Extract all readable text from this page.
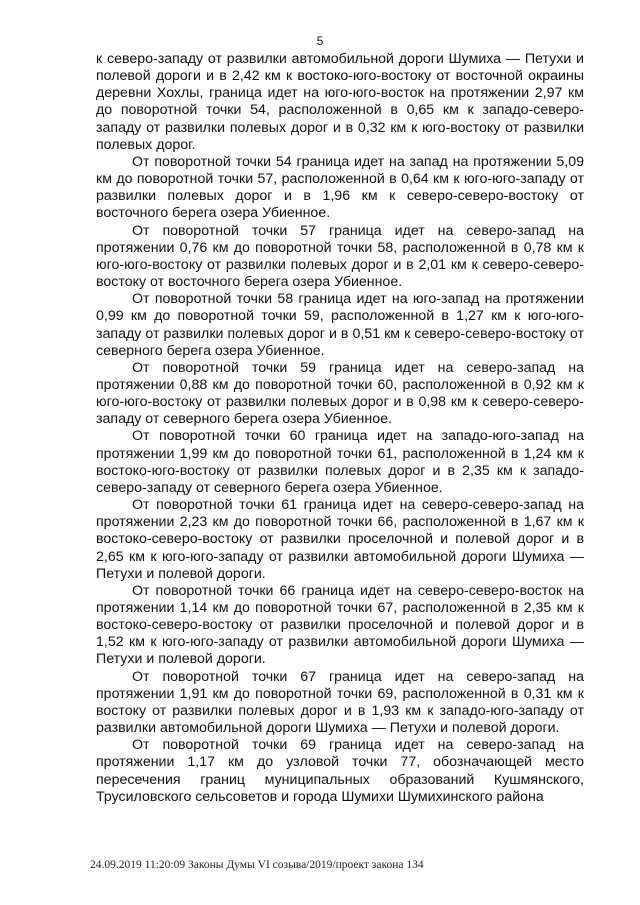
5

к северо-западу от развилки автомобильной дороги Шумиха — Петухи и полевой дороги и в 2,42 км к востоко-юго-востоку от восточной окраины деревни Хохлы, граница идет на юго-юго-восток на протяжении 2,97 км до поворотной точки 54, расположенной в 0,65 км к западо-северо-западу от развилки полевых дорог и в 0,32 км к юго-востоку от развилки полевых дорог.

От поворотной точки 54 граница идет на запад на протяжении 5,09 км до поворотной точки 57, расположенной в 0,64 км к юго-юго-западу от развилки полевых дорог и в 1,96 км к северо-северо-востоку от восточного берега озера Убиенное.

От поворотной точки 57 граница идет на северо-запад на протяжении 0,76 км до поворотной точки 58, расположенной в 0,78 км к юго-юго-востоку от развилки полевых дорог и в 2,01 км к северо-северо-востоку от восточного берега озера Убиенное.

От поворотной точки 58 граница идет на юго-запад на протяжении 0,99 км до поворотной точки 59, расположенной в 1,27 км к юго-юго-западу от развилки полевых дорог и в 0,51 км к северо-северо-востоку от северного берега озера Убиенное.

От поворотной точки 59 граница идет на северо-запад на протяжении 0,88 км до поворотной точки 60, расположенной в 0,92 км к юго-юго-востоку от развилки полевых дорог и в 0,98 км к северо-северо-западу от северного берега озера Убиенное.

От поворотной точки 60 граница идет на западо-юго-запад на протяжении 1,99 км до поворотной точки 61, расположенной в 1,24 км к востоко-юго-востоку от развилки полевых дорог и в 2,35 км к западо-северо-западу от северного берега озера Убиенное.

От поворотной точки 61 граница идет на северо-северо-запад на протяжении 2,23 км до поворотной точки 66, расположенной в 1,67 км к востоко-северо-востоку от развилки проселочной и полевой дорог и в 2,65 км к юго-юго-западу от развилки автомобильной дороги Шумиха — Петухи и полевой дороги.

От поворотной точки 66 граница идет на северо-северо-восток на протяжении 1,14 км до поворотной точки 67, расположенной в 2,35 км к востоко-северо-востоку от развилки проселочной и полевой дорог и в 1,52 км к юго-юго-западу от развилки автомобильной дороги Шумиха — Петухи и полевой дороги.

От поворотной точки 67 граница идет на северо-запад на протяжении 1,91 км до поворотной точки 69, расположенной в 0,31 км к востоку от развилки полевых дорог и в 1,93 км к западо-юго-западу от развилки автомобильной дороги Шумиха — Петухи и полевой дороги.

От поворотной точки 69 граница идет на северо-запад на протяжении 1,17 км до узловой точки 77, обозначающей место пересечения границ муниципальных образований Кушмянского, Трусиловского сельсоветов и города Шумихи Шумихинского района

24.09.2019 11:20:09 Законы Думы VI созыва/2019/проект закона 134
